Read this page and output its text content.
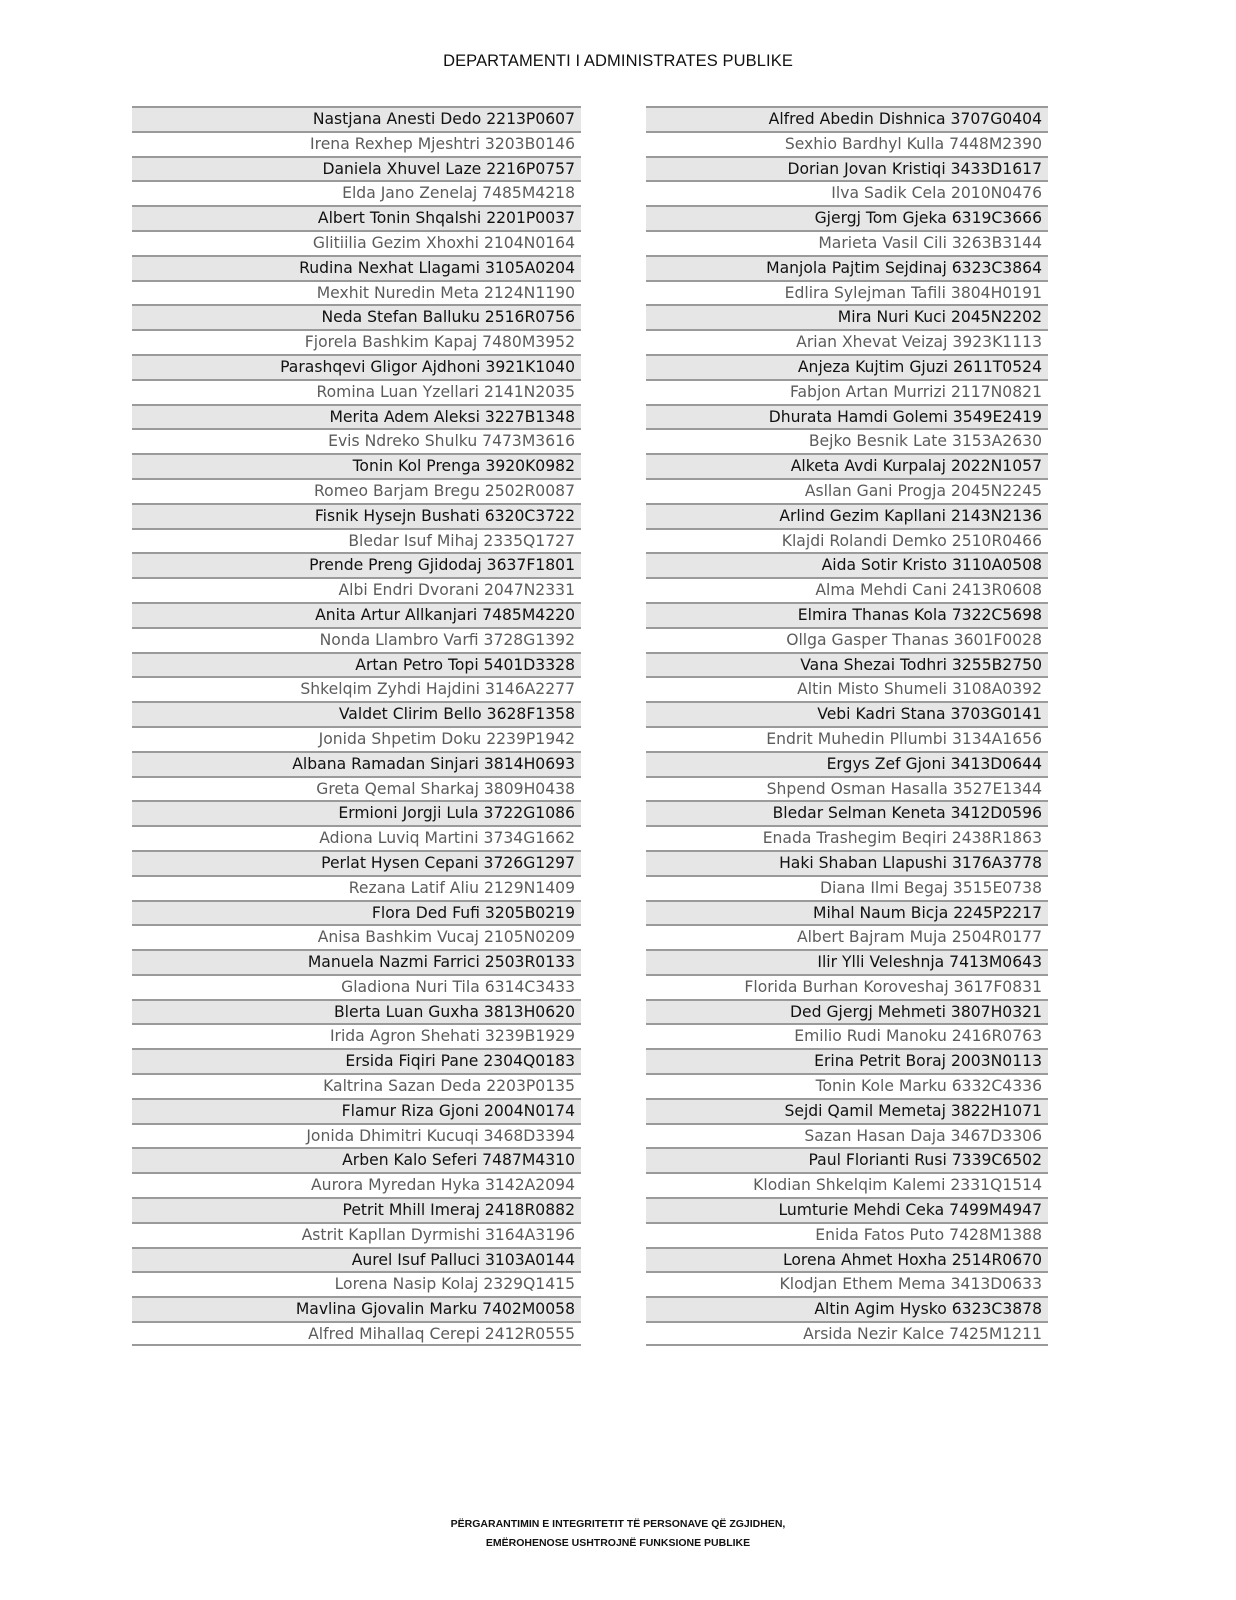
DEPARTAMENTI I ADMINISTRATES PUBLIKE
Nastjana Anesti Dedo 2213P0607
Irena Rexhep Mjeshtri 3203B0146
Daniela Xhuvel Laze 2216P0757
Elda Jano Zenelaj 7485M4218
Albert Tonin Shqalshi 2201P0037
Glitiilia Gezim Xhoxhi 2104N0164
Rudina Nexhat Llagami 3105A0204
Mexhit Nuredin Meta 2124N1190
Neda Stefan Balluku 2516R0756
Fjorela Bashkim Kapaj 7480M3952
Parashqevi Gligor Ajdhoni 3921K1040
Romina Luan Yzellari 2141N2035
Merita Adem Aleksi 3227B1348
Evis Ndreko Shulku 7473M3616
Tonin Kol Prenga 3920K0982
Romeo Barjam Bregu 2502R0087
Fisnik Hysejn Bushati 6320C3722
Bledar Isuf Mihaj 2335Q1727
Prende Preng Gjidodaj 3637F1801
Albi Endri Dvorani 2047N2331
Anita Artur Allkanjari 7485M4220
Nonda Llambro Varfi 3728G1392
Artan Petro Topi 5401D3328
Shkelqim Zyhdi Hajdini 3146A2277
Valdet Clirim Bello 3628F1358
Jonida Shpetim Doku 2239P1942
Albana Ramadan Sinjari 3814H0693
Greta Qemal Sharkaj 3809H0438
Ermioni Jorgji Lula 3722G1086
Adiona Luviq Martini 3734G1662
Perlat Hysen Cepani 3726G1297
Rezana Latif Aliu 2129N1409
Flora Ded Fufi 3205B0219
Anisa Bashkim Vucaj 2105N0209
Manuela Nazmi Farrici 2503R0133
Gladiona Nuri Tila 6314C3433
Blerta Luan Guxha 3813H0620
Irida Agron Shehati 3239B1929
Ersida Fiqiri Pane 2304Q0183
Kaltrina Sazan Deda 2203P0135
Flamur Riza Gjoni 2004N0174
Jonida Dhimitri Kucuqi 3468D3394
Arben Kalo Seferi 7487M4310
Aurora Myredan Hyka 3142A2094
Petrit Mhill Imeraj 2418R0882
Astrit Kapllan Dyrmishi 3164A3196
Aurel Isuf Palluci 3103A0144
Lorena Nasip Kolaj 2329Q1415
Mavlina Gjovalin Marku 7402M0058
Alfred Mihallaq Cerepi 2412R0555
Alfred Abedin Dishnica 3707G0404
Sexhio Bardhyl Kulla 7448M2390
Dorian Jovan Kristiqi 3433D1617
Ilva Sadik Cela 2010N0476
Gjergj Tom Gjeka 6319C3666
Marieta Vasil Cili 3263B3144
Manjola Pajtim Sejdinaj 6323C3864
Edlira Sylejman Tafili 3804H0191
Mira Nuri Kuci 2045N2202
Arian Xhevat Veizaj 3923K1113
Anjeza Kujtim Gjuzi 2611T0524
Fabjon Artan Murrizi 2117N0821
Dhurata Hamdi Golemi 3549E2419
Bejko Besnik Late 3153A2630
Alketa Avdi Kurpalaj 2022N1057
Asllan Gani Progja 2045N2245
Arlind Gezim Kapllani 2143N2136
Klajdi Rolandi Demko 2510R0466
Aida Sotir Kristo 3110A0508
Alma Mehdi Cani 2413R0608
Elmira Thanas Kola 7322C5698
Ollga Gasper Thanas 3601F0028
Vana Shezai Todhri 3255B2750
Altin Misto Shumeli 3108A0392
Vebi Kadri Stana 3703G0141
Endrit Muhedin Pllumbi 3134A1656
Ergys Zef Gjoni 3413D0644
Shpend Osman Hasalla 3527E1344
Bledar Selman Keneta 3412D0596
Enada Trashegim Beqiri 2438R1863
Haki Shaban Llapushi 3176A3778
Diana Ilmi Begaj 3515E0738
Mihal Naum Bicja 2245P2217
Albert Bajram Muja 2504R0177
Ilir Ylli Veleshnja 7413M0643
Florida Burhan Koroveshaj 3617F0831
Ded Gjergj Mehmeti 3807H0321
Emilio Rudi Manoku 2416R0763
Erina Petrit Boraj 2003N0113
Tonin Kole Marku 6332C4336
Sejdi Qamil Memetaj 3822H1071
Sazan Hasan Daja 3467D3306
Paul Florianti Rusi 7339C6502
Klodian Shkelqim Kalemi 2331Q1514
Lumturie Mehdi Ceka 7499M4947
Enida Fatos Puto 7428M1388
Lorena Ahmet Hoxha 2514R0670
Klodjan Ethem Mema 3413D0633
Altin Agim Hysko 6323C3878
Arsida Nezir Kalce 7425M1211
PËRGARANTIMIN E INTEGRITETIT TË PERSONAVE QË ZGJIDHEN,
EMËROHENOSE USHTROJNË FUNKSIONE PUBLIKE
